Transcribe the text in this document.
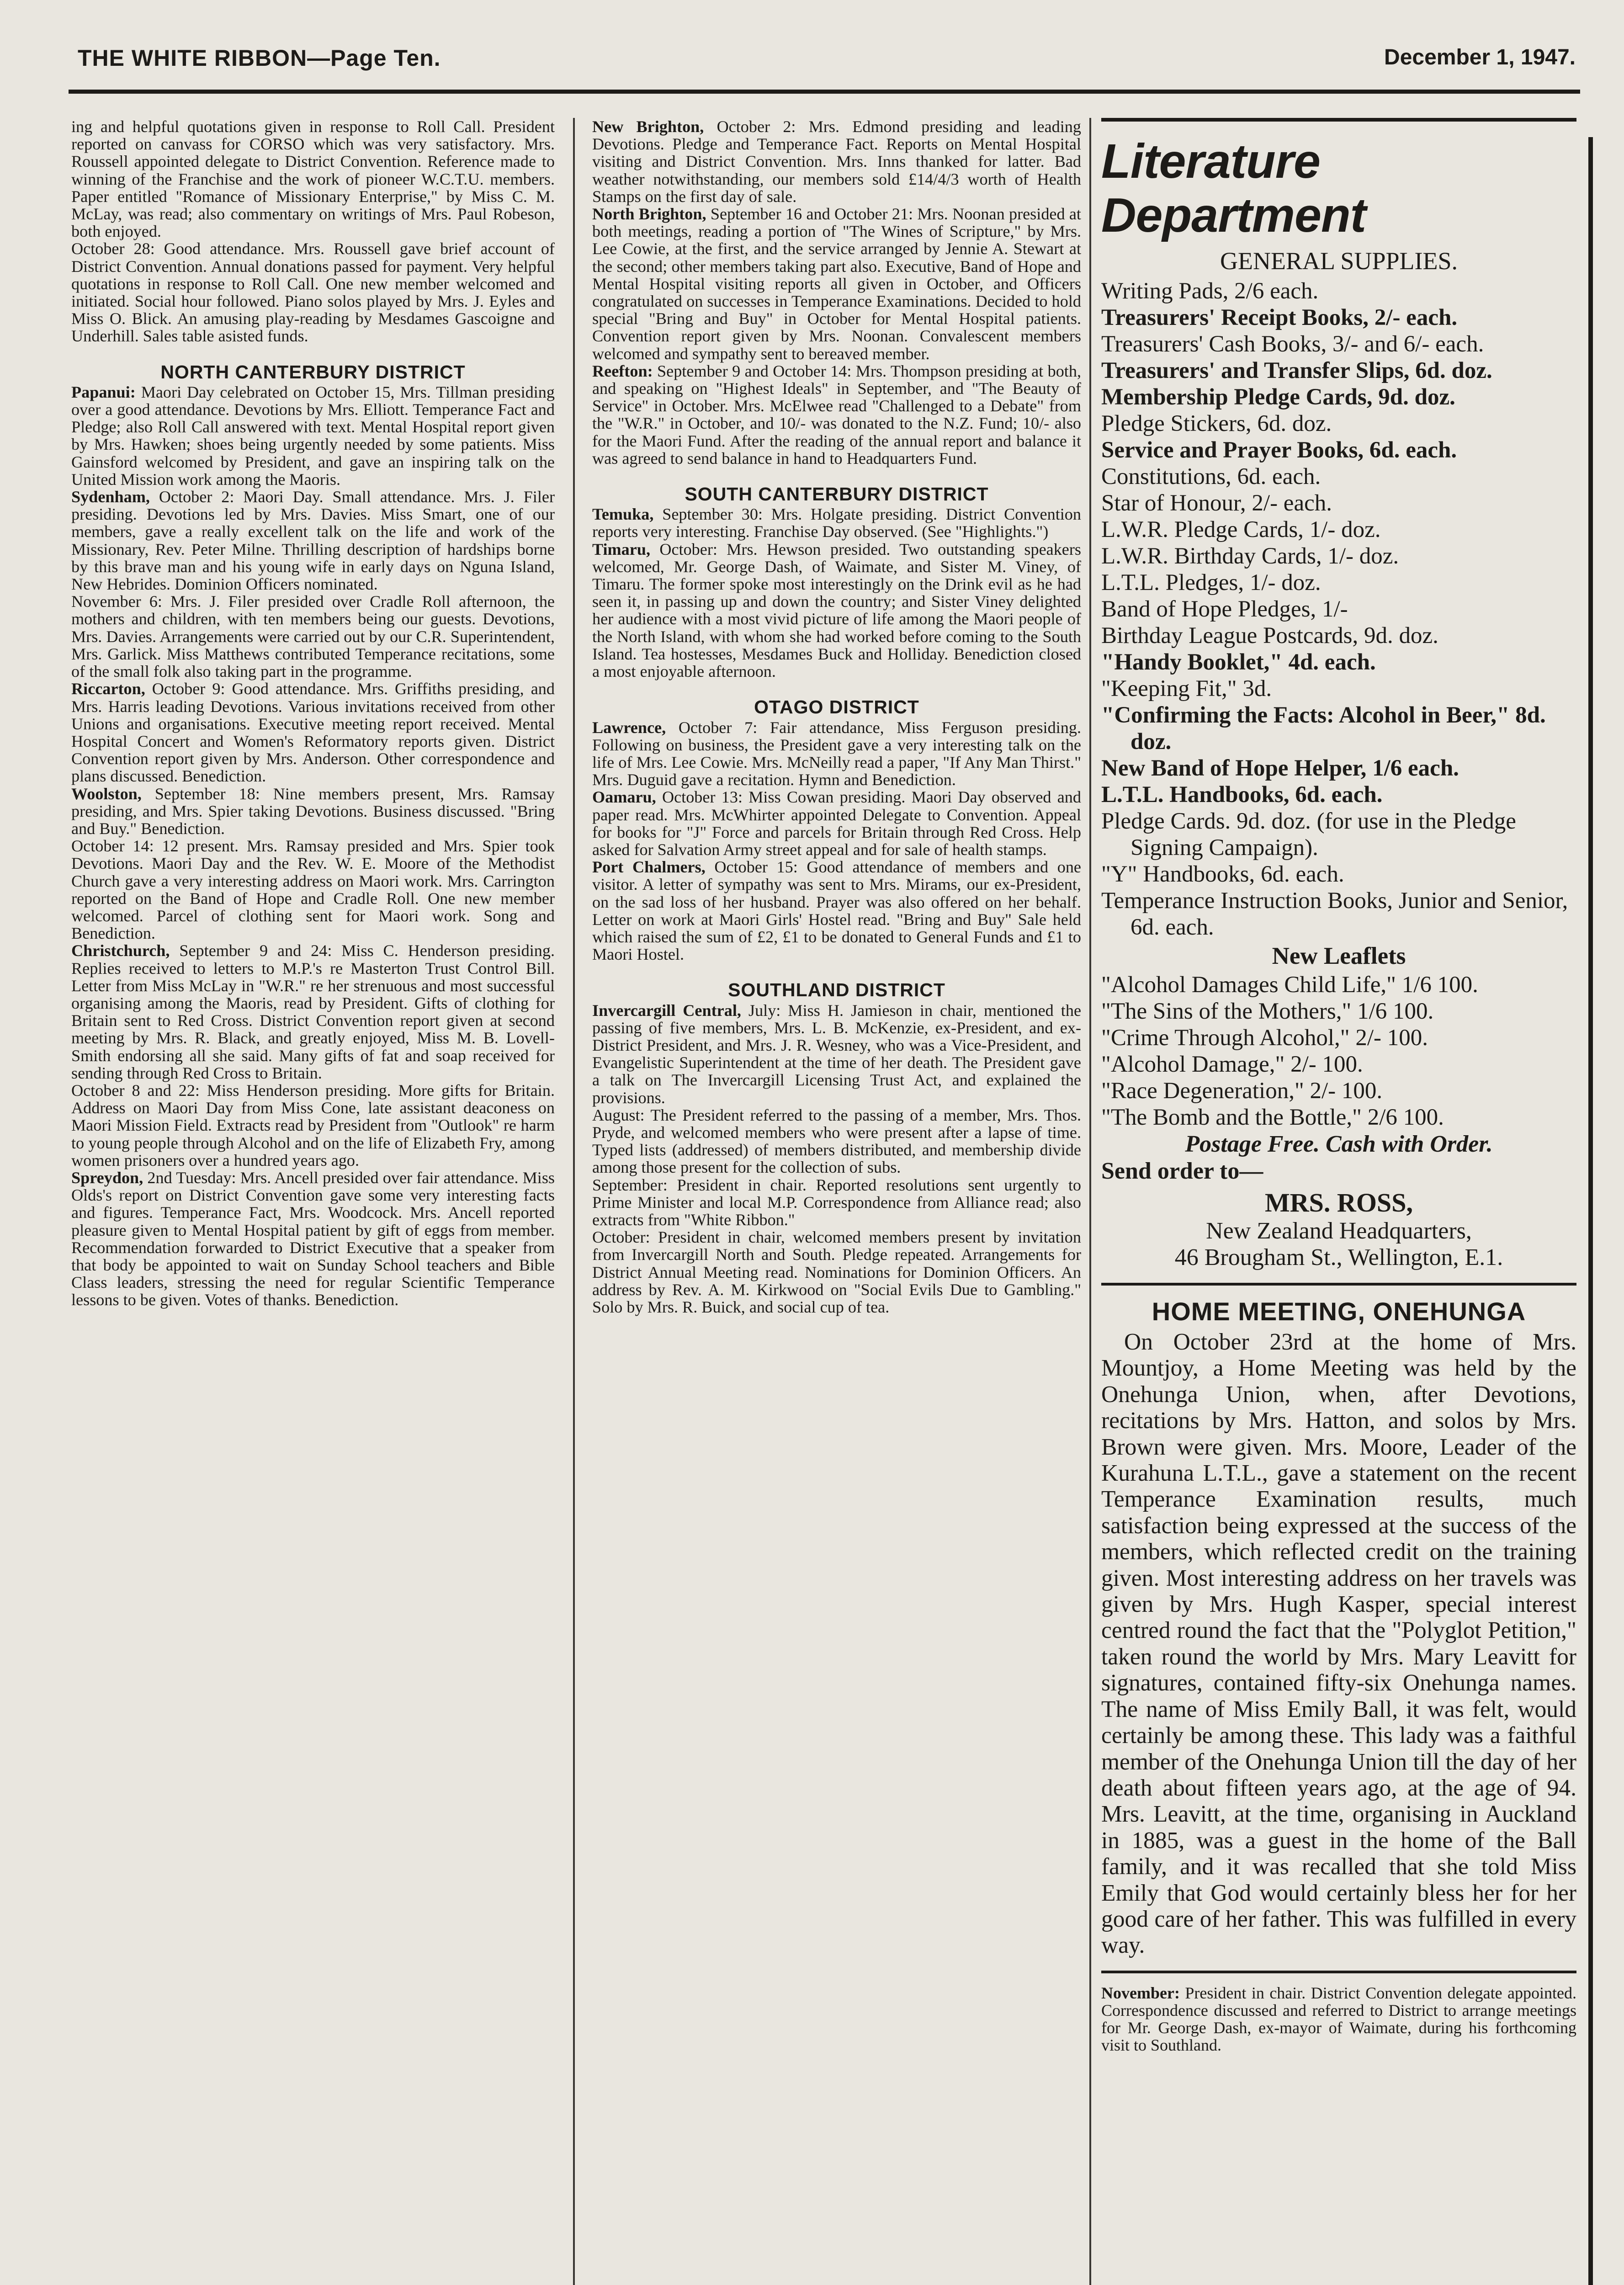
THE WHITE RIBBON—Page Ten.	December 1, 1947.

ing and helpful quotations given in response to Roll Call. President reported on canvass for CORSO which was very satisfactory. Mrs. Roussell appointed delegate to District Convention. Reference made to winning of the Franchise and the work of pioneer W.C.T.U. members. Paper entitled "Romance of Missionary Enterprise," by Miss C. M. McLay, was read; also commentary on writings of Mrs. Paul Robeson, both enjoyed.

October 28: Good attendance. Mrs. Roussell gave brief account of District Convention. Annual donations passed for payment. Very helpful quotations in response to Roll Call. One new member welcomed and initiated. Social hour followed. Piano solos played by Mrs. J. Eyles and Miss O. Blick. An amusing play-reading by Mesdames Gascoigne and Underhill. Sales table asisted funds.

NORTH CANTERBURY DISTRICT

Papanui: Maori Day celebrated on October 15, Mrs. Tillman presiding over a good attendance. Devotions by Mrs. Elliott. Temperance Fact and Pledge; also Roll Call answered with text. Mental Hospital report given by Mrs. Hawken; shoes being urgently needed by some patients. Miss Gainsford welcomed by President, and gave an inspiring talk on the United Mission work among the Maoris.

Sydenham, October 2: Maori Day. Small attendance. Mrs. J. Filer presiding. Devotions led by Mrs. Davies. Miss Smart, one of our members, gave a really excellent talk on the life and work of the Missionary, Rev. Peter Milne. Thrilling description of hardships borne by this brave man and his young wife in early days on Nguna Island, New Hebrides. Dominion Officers nominated.

November 6: Mrs. J. Filer presided over Cradle Roll afternoon, the mothers and children, with ten members being our guests. Devotions, Mrs. Davies. Arrangements were carried out by our C.R. Superintendent, Mrs. Garlick. Miss Matthews contributed Temperance recitations, some of the small folk also taking part in the programme.

Riccarton, October 9: Good attendance. Mrs. Griffiths presiding, and Mrs. Harris leading Devotions. Various invitations received from other Unions and organisations. Executive meeting report received. Mental Hospital Concert and Women's Reformatory reports given. District Convention report given by Mrs. Anderson. Other correspondence and plans discussed. Benediction.

Woolston, September 18: Nine members present, Mrs. Ramsay presiding, and Mrs. Spier taking Devotions. Business discussed. "Bring and Buy." Benediction.

October 14: 12 present. Mrs. Ramsay presided and Mrs. Spier took Devotions. Maori Day and the Rev. W. E. Moore of the Methodist Church gave a very interesting address on Maori work. Mrs. Carrington reported on the Band of Hope and Cradle Roll. One new member welcomed. Parcel of clothing sent for Maori work. Song and Benediction.

Christchurch, September 9 and 24: Miss C. Henderson presiding. Replies received to letters to M.P.'s re Masterton Trust Control Bill. Letter from Miss McLay in "W.R." re her strenuous and most successful organising among the Maoris, read by President. Gifts of clothing for Britain sent to Red Cross. District Convention report given at second meeting by Mrs. R. Black, and greatly enjoyed, Miss M. B. Lovell-Smith endorsing all she said. Many gifts of fat and soap received for sending through Red Cross to Britain.

October 8 and 22: Miss Henderson presiding. More gifts for Britain. Address on Maori Day from Miss Cone, late assistant deaconess on Maori Mission Field. Extracts read by President from "Outlook" re harm to young people through Alcohol and on the life of Elizabeth Fry, among women prisoners over a hundred years ago.

Spreydon, 2nd Tuesday: Mrs. Ancell presided over fair attendance. Miss Olds's report on District Convention gave some very interesting facts and figures. Temperance Fact, Mrs. Woodcock. Mrs. Ancell reported pleasure given to Mental Hospital patient by gift of eggs from member. Recommendation forwarded to District Executive that a speaker from that body be appointed to wait on Sunday School teachers and Bible Class leaders, stressing the need for regular Scientific Temperance lessons to be given. Votes of thanks. Benediction.

New Brighton, October 2: Mrs. Edmond presiding and leading Devotions. Pledge and Temperance Fact. Reports on Mental Hospital visiting and District Convention. Mrs. Inns thanked for latter. Bad weather notwithstanding, our members sold £14/4/3 worth of Health Stamps on the first day of sale.

North Brighton, September 16 and October 21: Mrs. Noonan presided at both meetings, reading a portion of "The Wines of Scripture," by Mrs. Lee Cowie, at the first, and the service arranged by Jennie A. Stewart at the second; other members taking part also. Executive, Band of Hope and Mental Hospital visiting reports all given in October, and Officers congratulated on successes in Temperance Examinations. Decided to hold special "Bring and Buy" in October for Mental Hospital patients. Convention report given by Mrs. Noonan. Convalescent members welcomed and sympathy sent to bereaved member.

Reefton: September 9 and October 14: Mrs. Thompson presiding at both, and speaking on "Highest Ideals" in September, and "The Beauty of Service" in October. Mrs. McElwee read "Challenged to a Debate" from the "W.R." in October, and 10/- was donated to the N.Z. Fund; 10/- also for the Maori Fund. After the reading of the annual report and balance it was agreed to send balance in hand to Headquarters Fund.

SOUTH CANTERBURY DISTRICT

Temuka, September 30: Mrs. Holgate presiding. District Convention reports very interesting. Franchise Day observed. (See "Highlights.")

Timaru, October: Mrs. Hewson presided. Two outstanding speakers welcomed, Mr. George Dash, of Waimate, and Sister M. Viney, of Timaru. The former spoke most interestingly on the Drink evil as he had seen it, in passing up and down the country; and Sister Viney delighted her audience with a most vivid picture of life among the Maori people of the North Island, with whom she had worked before coming to the South Island. Tea hostesses, Mesdames Buck and Holliday. Benediction closed a most enjoyable afternoon.

OTAGO DISTRICT

Lawrence, October 7: Fair attendance, Miss Ferguson presiding. Following on business, the President gave a very interesting talk on the life of Mrs. Lee Cowie. Mrs. McNeilly read a paper, "If Any Man Thirst." Mrs. Duguid gave a recitation. Hymn and Benediction.

Oamaru, October 13: Miss Cowan presiding. Maori Day observed and paper read. Mrs. McWhirter appointed Delegate to Convention. Appeal for books for "J" Force and parcels for Britain through Red Cross. Help asked for Salvation Army street appeal and for sale of health stamps.

Port Chalmers, October 15: Good attendance of members and one visitor. A letter of sympathy was sent to Mrs. Mirams, our ex-President, on the sad loss of her husband. Prayer was also offered on her behalf. Letter on work at Maori Girls' Hostel read. "Bring and Buy" Sale held which raised the sum of £2, £1 to be donated to General Funds and £1 to Maori Hostel.

SOUTHLAND DISTRICT

Invercargill Central, July: Miss H. Jamieson in chair, mentioned the passing of five members, Mrs. L. B. McKenzie, ex-President, and ex-District President, and Mrs. J. R. Wesney, who was a Vice-President, and Evangelistic Superintendent at the time of her death. The President gave a talk on The Invercargill Licensing Trust Act, and explained the provisions.

August: The President referred to the passing of a member, Mrs. Thos. Pryde, and welcomed members who were present after a lapse of time. Typed lists (addressed) of members distributed, and membership divide among those present for the collection of subs.

September: President in chair. Reported resolutions sent urgently to Prime Minister and local M.P. Correspondence from Alliance read; also extracts from "White Ribbon."

October: President in chair, welcomed members present by invitation from Invercargill North and South. Pledge repeated. Arrangements for District Annual Meeting read. Nominations for Dominion Officers. An address by Rev. A. M. Kirkwood on "Social Evils Due to Gambling." Solo by Mrs. R. Buick, and social cup of tea.

Literature Department
GENERAL SUPPLIES.
Writing Pads, 2/6 each.
Treasurers' Receipt Books, 2/- each.
Treasurers' Cash Books, 3/- and 6/- each.
Treasurers' and Transfer Slips, 6d. doz.
Membership Pledge Cards, 9d. doz.
Pledge Stickers, 6d. doz.
Service and Prayer Books, 6d. each.
Constitutions, 6d. each.
Star of Honour, 2/- each.
L.W.R. Pledge Cards, 1/- doz.
L.W.R. Birthday Cards, 1/- doz.
L.T.L. Pledges, 1/- doz.
Band of Hope Pledges, 1/-
Birthday League Postcards, 9d. doz.
"Handy Booklet," 4d. each.
"Keeping Fit," 3d.
"Confirming the Facts: Alcohol in Beer," 8d. doz.
New Band of Hope Helper, 1/6 each.
L.T.L. Handbooks, 6d. each.
Pledge Cards. 9d. doz. (for use in the Pledge Signing Campaign).
"Y" Handbooks, 6d. each.
Temperance Instruction Books, Junior and Senior, 6d. each.
New Leaflets
"Alcohol Damages Child Life," 1/6 100.
"The Sins of the Mothers," 1/6 100.
"Crime Through Alcohol," 2/- 100.
"Alcohol Damage," 2/- 100.
"Race Degeneration," 2/- 100.
"The Bomb and the Bottle," 2/6 100.
Postage Free. Cash with Order.
Send order to—
MRS. ROSS,
New Zealand Headquarters,
46 Brougham St., Wellington, E.1.
HOME MEETING, ONEHUNGA

On October 23rd at the home of Mrs. Mountjoy, a Home Meeting was held by the Onehunga Union, when, after Devotions, recitations by Mrs. Hatton, and solos by Mrs. Brown were given. Mrs. Moore, Leader of the Kurahuna L.T.L., gave a statement on the recent Temperance Examination results, much satisfaction being expressed at the success of the members, which reflected credit on the training given. Most interesting address on her travels was given by Mrs. Hugh Kasper, special interest centred round the fact that the "Polyglot Petition," taken round the world by Mrs. Mary Leavitt for signatures, contained fifty-six Onehunga names. The name of Miss Emily Ball, it was felt, would certainly be among these. This lady was a faithful member of the Onehunga Union till the day of her death about fifteen years ago, at the age of 94. Mrs. Leavitt, at the time, organising in Auckland in 1885, was a guest in the home of the Ball family, and it was recalled that she told Miss Emily that God would certainly bless her for her good care of her father. This was fulfilled in every way.

November: President in chair. District Convention delegate appointed. Correspondence discussed and referred to District to arrange meetings for Mr. George Dash, ex-mayor of Waimate, during his forthcoming visit to Southland.
